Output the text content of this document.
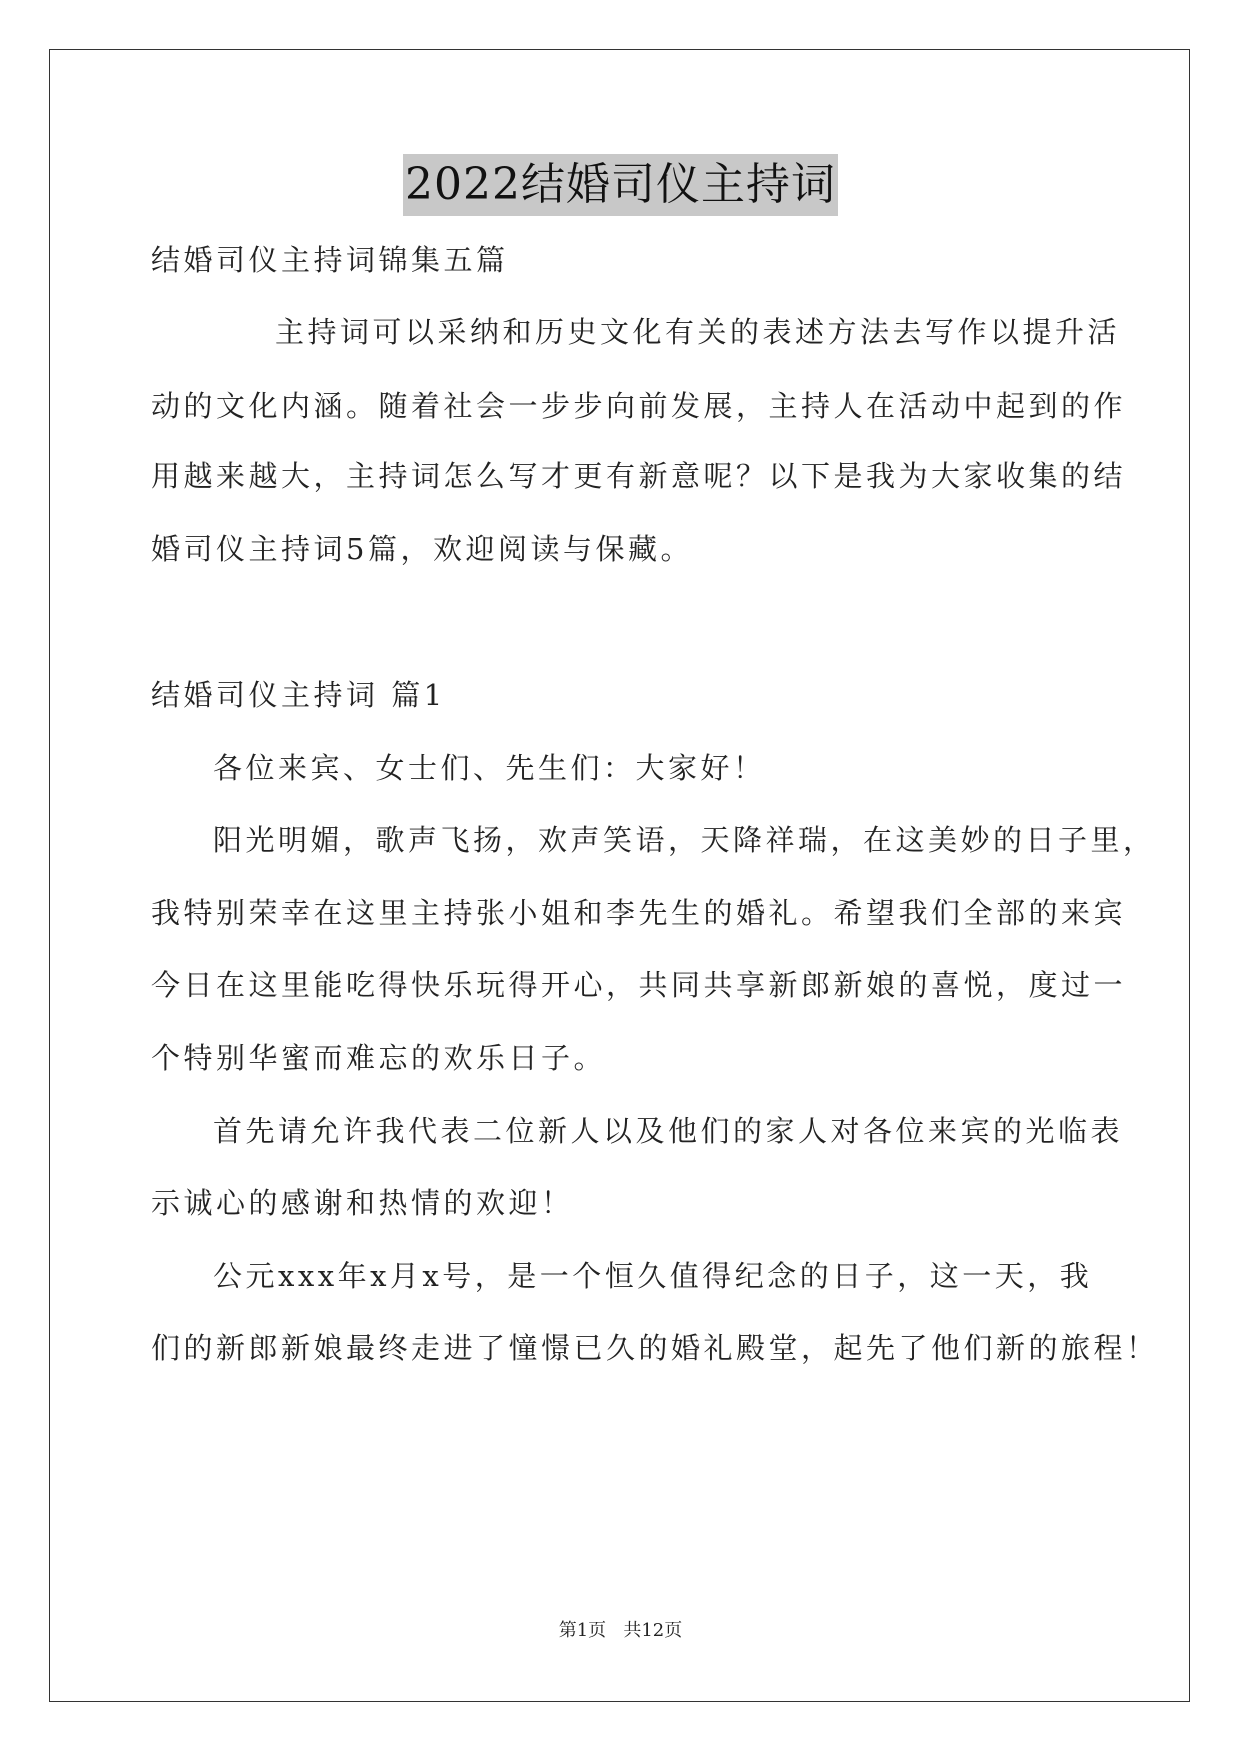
2022结婚司仪主持词
结婚司仪主持词锦集五篇
主持词可以采纳和历史文化有关的表述方法去写作以提升活
动的文化内涵。随着社会一步步向前发展，主持人在活动中起到的作
用越来越大，主持词怎么写才更有新意呢？以下是我为大家收集的结
婚司仪主持词5篇，欢迎阅读与保藏。
结婚司仪主持词 篇1
各位来宾、女士们、先生们：大家好！
阳光明媚，歌声飞扬，欢声笑语，天降祥瑞，在这美妙的日子里，
我特别荣幸在这里主持张小姐和李先生的婚礼。希望我们全部的来宾
今日在这里能吃得快乐玩得开心，共同共享新郎新娘的喜悦，度过一
个特别华蜜而难忘的欢乐日子。
首先请允许我代表二位新人以及他们的家人对各位来宾的光临表
示诚心的感谢和热情的欢迎！
公元xxx年x月x号，是一个恒久值得纪念的日子，这一天，我
们的新郎新娘最终走进了憧憬已久的婚礼殿堂，起先了他们新的旅程！
第1页   共12页
